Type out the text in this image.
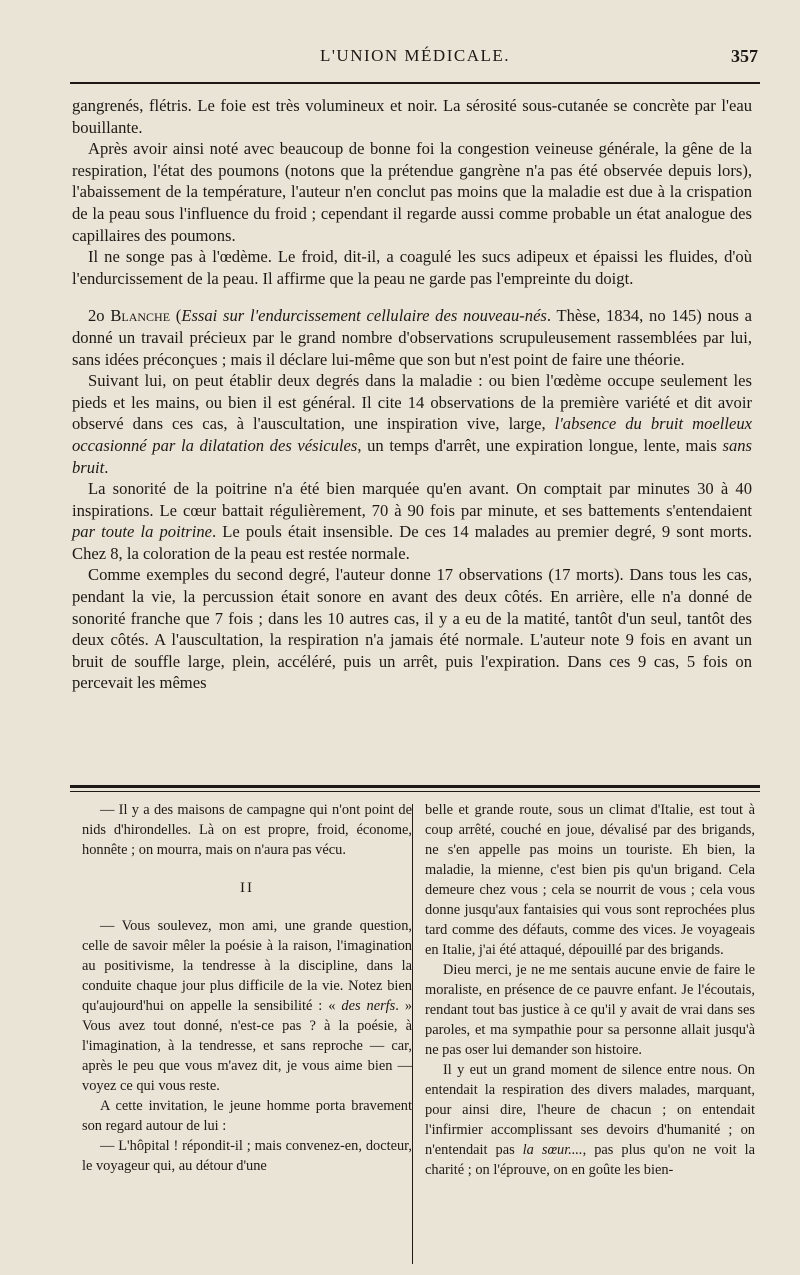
L'UNION MÉDICALE.	357

gangrenés, flétris. Le foie est très volumineux et noir. La sérosité sous-cutanée se concrète par l'eau bouillante.

Après avoir ainsi noté avec beaucoup de bonne foi la congestion veineuse générale, la gêne de la respiration, l'état des poumons (notons que la prétendue gangrène n'a pas été observée depuis lors), l'abaissement de la température, l'auteur n'en conclut pas moins que la maladie est due à la crispation de la peau sous l'influence du froid ; cependant il regarde aussi comme probable un état analogue des capillaires des poumons.

Il ne songe pas à l'œdème. Le froid, dit-il, a coagulé les sucs adipeux et épaissi les fluides, d'où l'endurcissement de la peau. Il affirme que la peau ne garde pas l'empreinte du doigt.

2o Blanche (Essai sur l'endurcissement cellulaire des nouveau-nés. Thèse, 1834, no 145) nous a donné un travail précieux par le grand nombre d'observations scrupuleusement rassemblées par lui, sans idées préconçues ; mais il déclare lui-même que son but n'est point de faire une théorie.

Suivant lui, on peut établir deux degrés dans la maladie : ou bien l'œdème occupe seulement les pieds et les mains, ou bien il est général. Il cite 14 observations de la première variété et dit avoir observé dans ces cas, à l'auscultation, une inspiration vive, large, l'absence du bruit moelleux occasionné par la dilatation des vésicules, un temps d'arrêt, une expiration longue, lente, mais sans bruit.

La sonorité de la poitrine n'a été bien marquée qu'en avant. On comptait par minutes 30 à 40 inspirations. Le cœur battait régulièrement, 70 à 90 fois par minute, et ses battements s'entendaient par toute la poitrine. Le pouls était insensible. De ces 14 malades au premier degré, 9 sont morts. Chez 8, la coloration de la peau est restée normale.

Comme exemples du second degré, l'auteur donne 17 observations (17 morts). Dans tous les cas, pendant la vie, la percussion était sonore en avant des deux côtés. En arrière, elle n'a donné de sonorité franche que 7 fois ; dans les 10 autres cas, il y a eu de la matité, tantôt d'un seul, tantôt des deux côtés. A l'auscultation, la respiration n'a jamais été normale. L'auteur note 9 fois en avant un bruit de souffle large, plein, accéléré, puis un arrêt, puis l'expiration. Dans ces 9 cas, 5 fois on percevait les mêmes

— Il y a des maisons de campagne qui n'ont point de nids d'hirondelles. Là on est propre, froid, économe, honnête ; on mourra, mais on n'aura pas vécu.

II

— Vous soulevez, mon ami, une grande question, celle de savoir mêler la poésie à la raison, l'imagination au positivisme, la tendresse à la discipline, dans la conduite chaque jour plus difficile de la vie. Notez bien qu'aujourd'hui on appelle la sensibilité : « des nerfs. » Vous avez tout donné, n'est-ce pas ? à la poésie, à l'imagination, à la tendresse, et sans reproche — car, après le peu que vous m'avez dit, je vous aime bien — voyez ce qui vous reste.

A cette invitation, le jeune homme porta bravement son regard autour de lui :

— L'hôpital ! répondit-il ; mais convenez-en, docteur, le voyageur qui, au détour d'une

belle et grande route, sous un climat d'Italie, est tout à coup arrêté, couché en joue, dévalisé par des brigands, ne s'en appelle pas moins un touriste. Eh bien, la maladie, la mienne, c'est bien pis qu'un brigand. Cela demeure chez vous ; cela se nourrit de vous ; cela vous donne jusqu'aux fantaisies qui vous sont reprochées plus tard comme des défauts, comme des vices. Je voyageais en Italie, j'ai été attaqué, dépouillé par des brigands.

Dieu merci, je ne me sentais aucune envie de faire le moraliste, en présence de ce pauvre enfant. Je l'écoutais, rendant tout bas justice à ce qu'il y avait de vrai dans ses paroles, et ma sympathie pour sa personne allait jusqu'à ne pas oser lui demander son histoire.

Il y eut un grand moment de silence entre nous. On entendait la respiration des divers malades, marquant, pour ainsi dire, l'heure de chacun ; on entendait l'infirmier accomplissant ses devoirs d'humanité ; on n'entendait pas la sœur...., pas plus qu'on ne voit la charité ; on l'éprouve, on en goûte les bien-
